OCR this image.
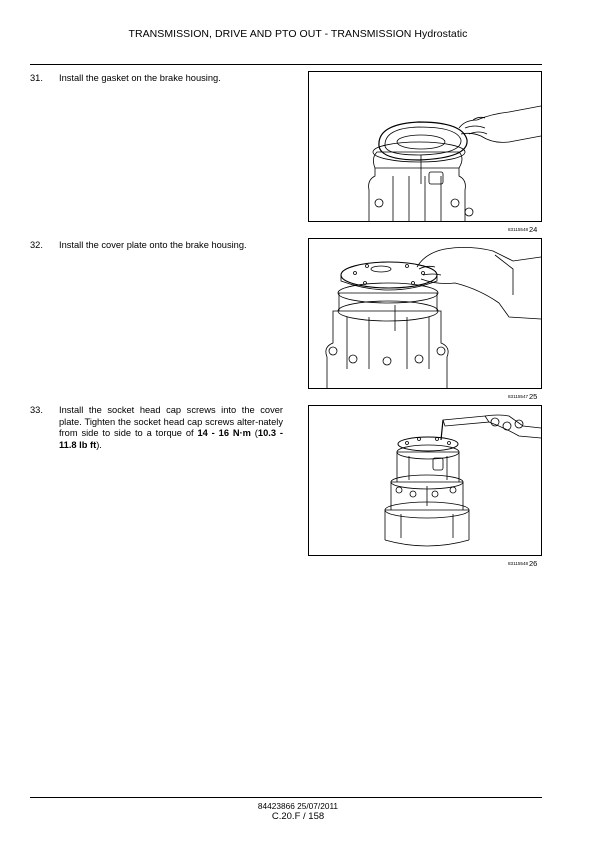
TRANSMISSION, DRIVE AND PTO OUT - TRANSMISSION Hydrostatic
31. Install the gasket on the brake housing.
83115548 24
32. Install the cover plate onto the brake housing.
83115547 25
33. Install the socket head cap screws into the cover plate. Tighten the socket head cap screws alter-nately from side to side to a torque of 14 - 16 N·m (10.3 - 11.8 lb ft).
83115548 26
84423866 25/07/2011
C.20.F / 158
